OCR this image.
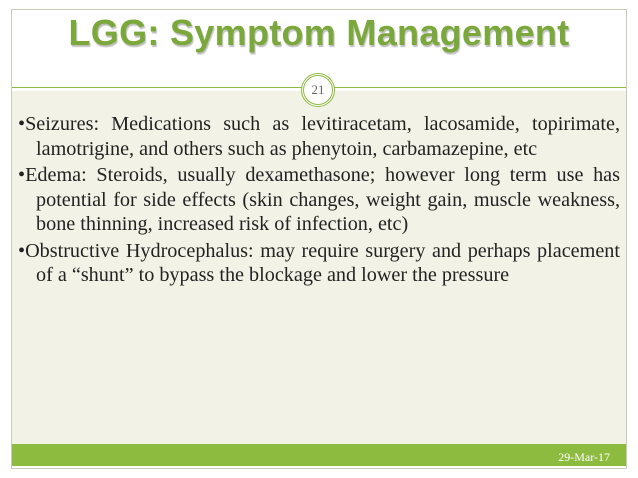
LGG: Symptom Management
21

•Seizures: Medications such as levitiracetam, lacosamide, topirimate, lamotrigine, and others such as phenytoin, carbamazepine, etc

•Edema: Steroids, usually dexamethasone; however long term use has potential for side effects (skin changes, weight gain, muscle weakness, bone thinning, increased risk of infection, etc)

•Obstructive Hydrocephalus: may require surgery and perhaps placement of a “shunt” to bypass the blockage and lower the pressure

29-Mar-17
